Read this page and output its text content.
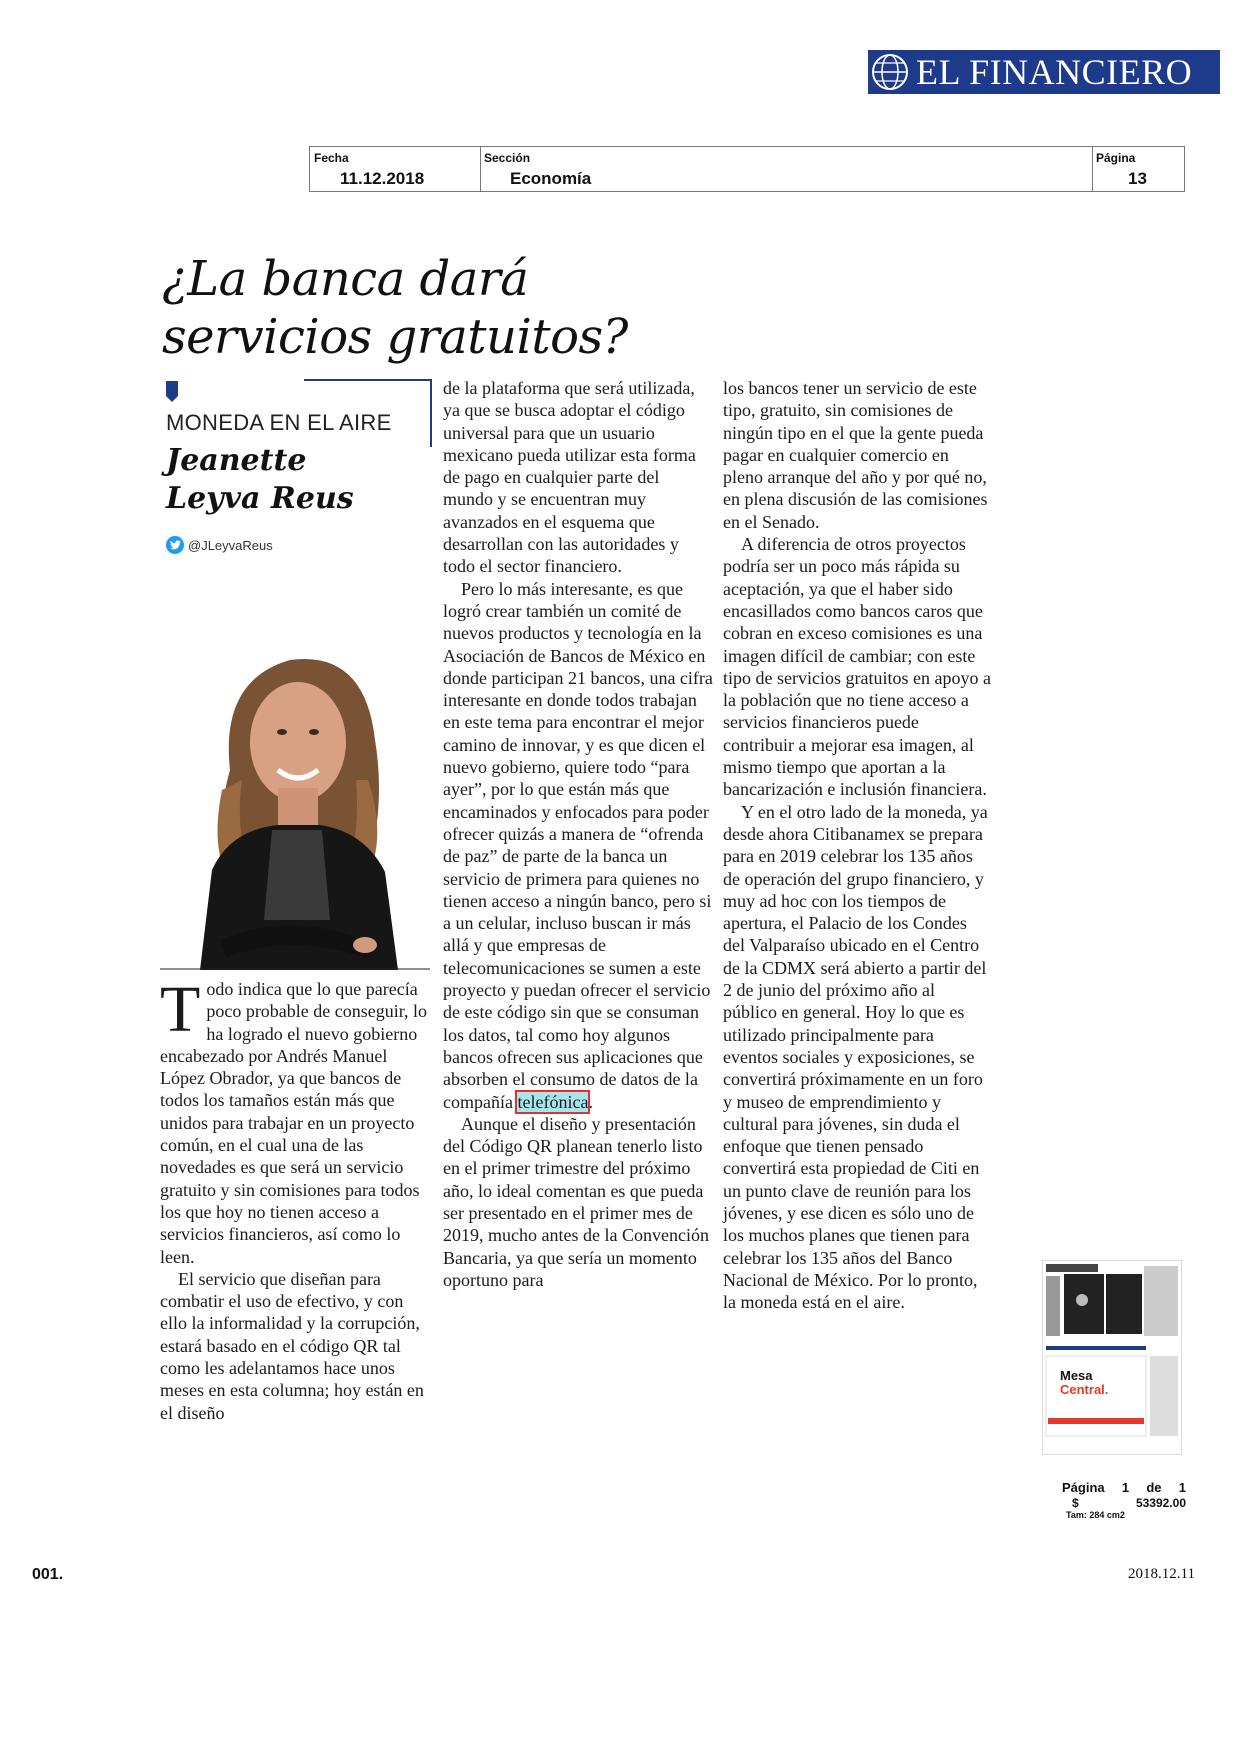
EL FINANCIERO
Fecha
11.12.2018
Sección
Economía
Página
13
¿La banca dará
servicios gratuitos?
MONEDA EN EL AIRE
Jeanette
Leyva Reus
@JLeyvaReus

Todo indica que lo que parecía poco probable de conseguir, lo ha logrado el nuevo gobierno encabezado por Andrés Manuel López Obrador, ya que bancos de todos los tamaños están más que unidos para trabajar en un proyecto común, en el cual una de las novedades es que será un servicio gratuito y sin comisiones para todos los que hoy no tienen acceso a servicios financieros, así como lo leen.

El servicio que diseñan para combatir el uso de efectivo, y con ello la informalidad y la corrupción, estará basado en el código QR tal como les adelantamos hace unos meses en esta columna; hoy están en el diseño

de la plataforma que será utilizada, ya que se busca adoptar el código universal para que un usuario mexicano pueda utilizar esta forma de pago en cualquier parte del mundo y se encuentran muy avanzados en el esquema que desarrollan con las autoridades y todo el sector financiero.

Pero lo más interesante, es que logró crear también un comité de nuevos productos y tecnología en la Asociación de Bancos de México en donde participan 21 bancos, una cifra interesante en donde todos trabajan en este tema para encontrar el mejor camino de innovar, y es que dicen el nuevo gobierno, quiere todo “para ayer”, por lo que están más que encaminados y enfocados para poder ofrecer quizás a manera de “ofrenda de paz” de parte de la banca un servicio de primera para quienes no tienen acceso a ningún banco, pero si a un celular, incluso buscan ir más allá y que empresas de telecomunicaciones se sumen a este proyecto y puedan ofrecer el servicio de este código sin que se consuman los datos, tal como hoy algunos bancos ofrecen sus aplicaciones que absorben el consumo de datos de la compañía telefónica.

Aunque el diseño y presentación del Código QR planean tenerlo listo en el primer trimestre del próximo año, lo ideal comentan es que pueda ser presentado en el primer mes de 2019, mucho antes de la Convención Bancaria, ya que sería un momento oportuno para

los bancos tener un servicio de este tipo, gratuito, sin comisiones de ningún tipo en el que la gente pueda pagar en cualquier comercio en pleno arranque del año y por qué no, en plena discusión de las comisiones en el Senado.

A diferencia de otros proyectos podría ser un poco más rápida su aceptación, ya que el haber sido encasillados como bancos caros que cobran en exceso comisiones es una imagen difícil de cambiar; con este tipo de servicios gratuitos en apoyo a la población que no tiene acceso a servicios financieros puede contribuir a mejorar esa imagen, al mismo tiempo que aportan a la bancarización e inclusión financiera.

Y en el otro lado de la moneda, ya desde ahora Citibanamex se prepara para en 2019 celebrar los 135 años de operación del grupo financiero, y muy ad hoc con los tiempos de apertura, el Palacio de los Condes del Valparaíso ubicado en el Centro de la CDMX será abierto a partir del 2 de junio del próximo año al público en general. Hoy lo que es utilizado principalmente para eventos sociales y exposiciones, se convertirá próximamente en un foro y museo de emprendimiento y cultural para jóvenes, sin duda el enfoque que tienen pensado convertirá esta propiedad de Citi en un punto clave de reunión para los jóvenes, y ese dicen es sólo uno de los muchos planes que tienen para celebrar los 135 años del Banco Nacional de México. Por lo pronto, la moneda está en el aire.

Mesa
Central.
Página 1 de 1
$	53392.00
Tam: 284 cm2
001.	2018.12.11
